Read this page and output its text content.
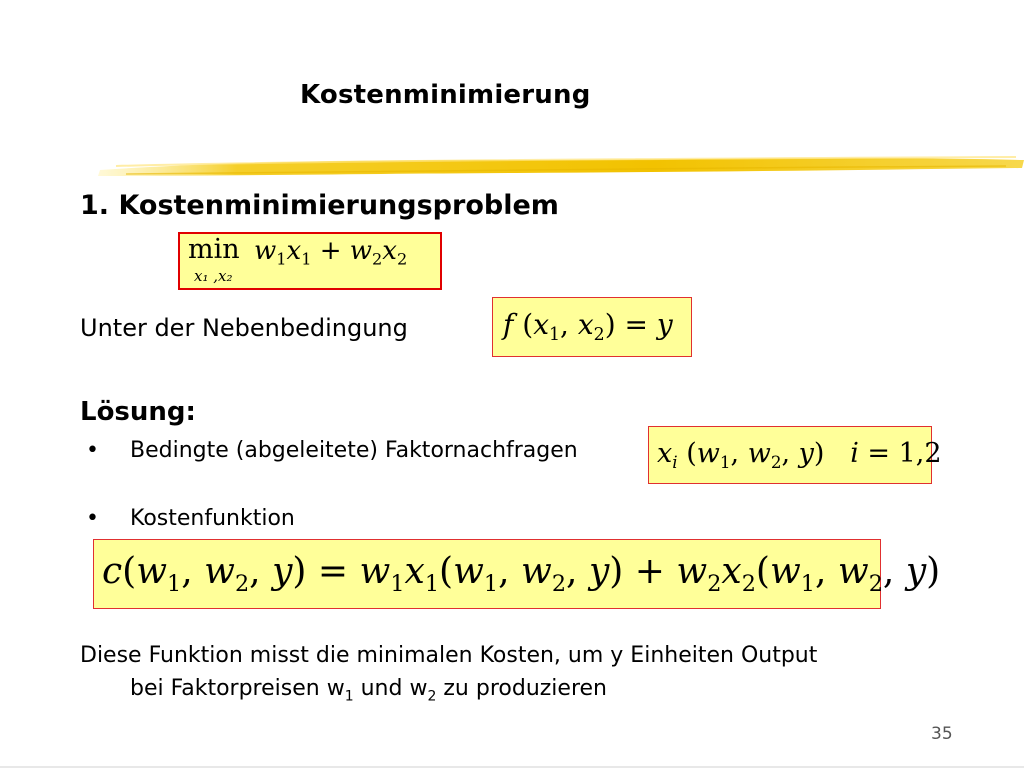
Kostenminimierung
1. Kostenminimierungsproblem
$\min w_1x_1 + w_2x_2$
x₁ ,x₂
Unter der Nebenbedingung	f ($x_1$, $x_2) = y$
Lösung:
• Bedingte (abgeleitete) Faktornachfragen	$x_i$ ($w_1$, $w_2$, y)   i = 1,2
• Kostenfunktion
$c(w_1$, $w_2$, $y) = w_1x_1(w_1$, $w_2$, $y) + w_2x_2(w_1$, $w_2$, y)
Diese Funktion misst die minimalen Kosten, um y Einheiten Output
bei Faktorpreisen $w_1$ und $w_2$ zu produzieren
35
